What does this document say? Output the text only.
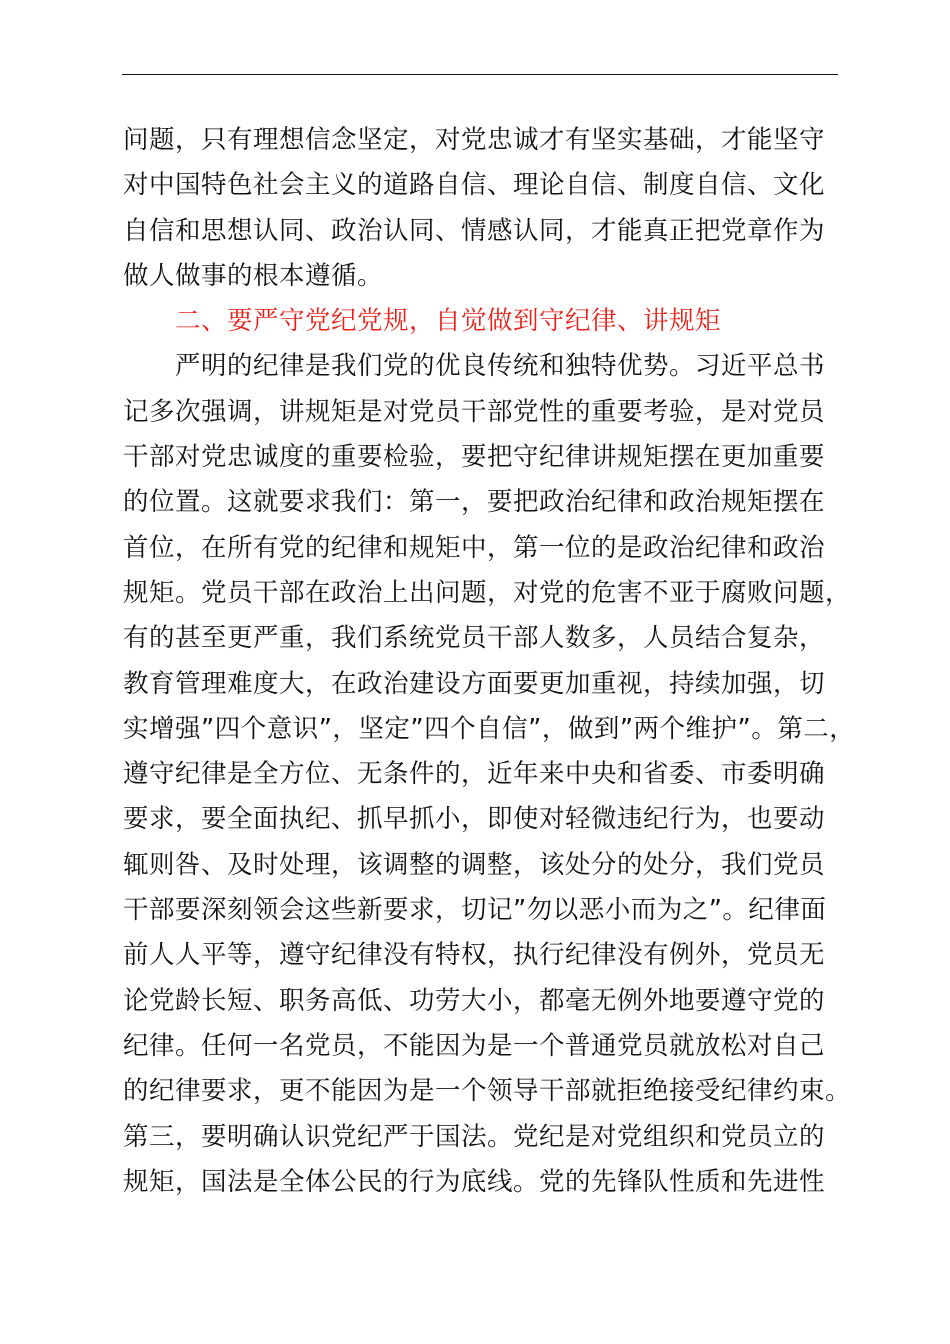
问题，只有理想信念坚定，对党忠诚才有坚实基础，才能坚守
对中国特色社会主义的道路自信、理论自信、制度自信、文化
自信和思想认同、政治认同、情感认同，才能真正把党章作为
做人做事的根本遵循。
二、要严守党纪党规，自觉做到守纪律、讲规矩
严明的纪律是我们党的优良传统和独特优势。习近平总书
记多次强调，讲规矩是对党员干部党性的重要考验，是对党员
干部对党忠诚度的重要检验，要把守纪律讲规矩摆在更加重要
的位置。这就要求我们：第一，要把政治纪律和政治规矩摆在
首位，在所有党的纪律和规矩中，第一位的是政治纪律和政治
规矩。党员干部在政治上出问题，对党的危害不亚于腐败问题，
有的甚至更严重，我们系统党员干部人数多，人员结合复杂，
教育管理难度大，在政治建设方面要更加重视，持续加强，切
实增强”四个意识”，坚定”四个自信”，做到”两个维护”。第二，
遵守纪律是全方位、无条件的，近年来中央和省委、市委明确
要求，要全面执纪、抓早抓小，即使对轻微违纪行为，也要动
辄则咎、及时处理，该调整的调整，该处分的处分，我们党员
干部要深刻领会这些新要求，切记”勿以恶小而为之”。纪律面
前人人平等，遵守纪律没有特权，执行纪律没有例外，党员无
论党龄长短、职务高低、功劳大小，都毫无例外地要遵守党的
纪律。任何一名党员，不能因为是一个普通党员就放松对自己
的纪律要求，更不能因为是一个领导干部就拒绝接受纪律约束。
第三，要明确认识党纪严于国法。党纪是对党组织和党员立的
规矩，国法是全体公民的行为底线。党的先锋队性质和先进性
